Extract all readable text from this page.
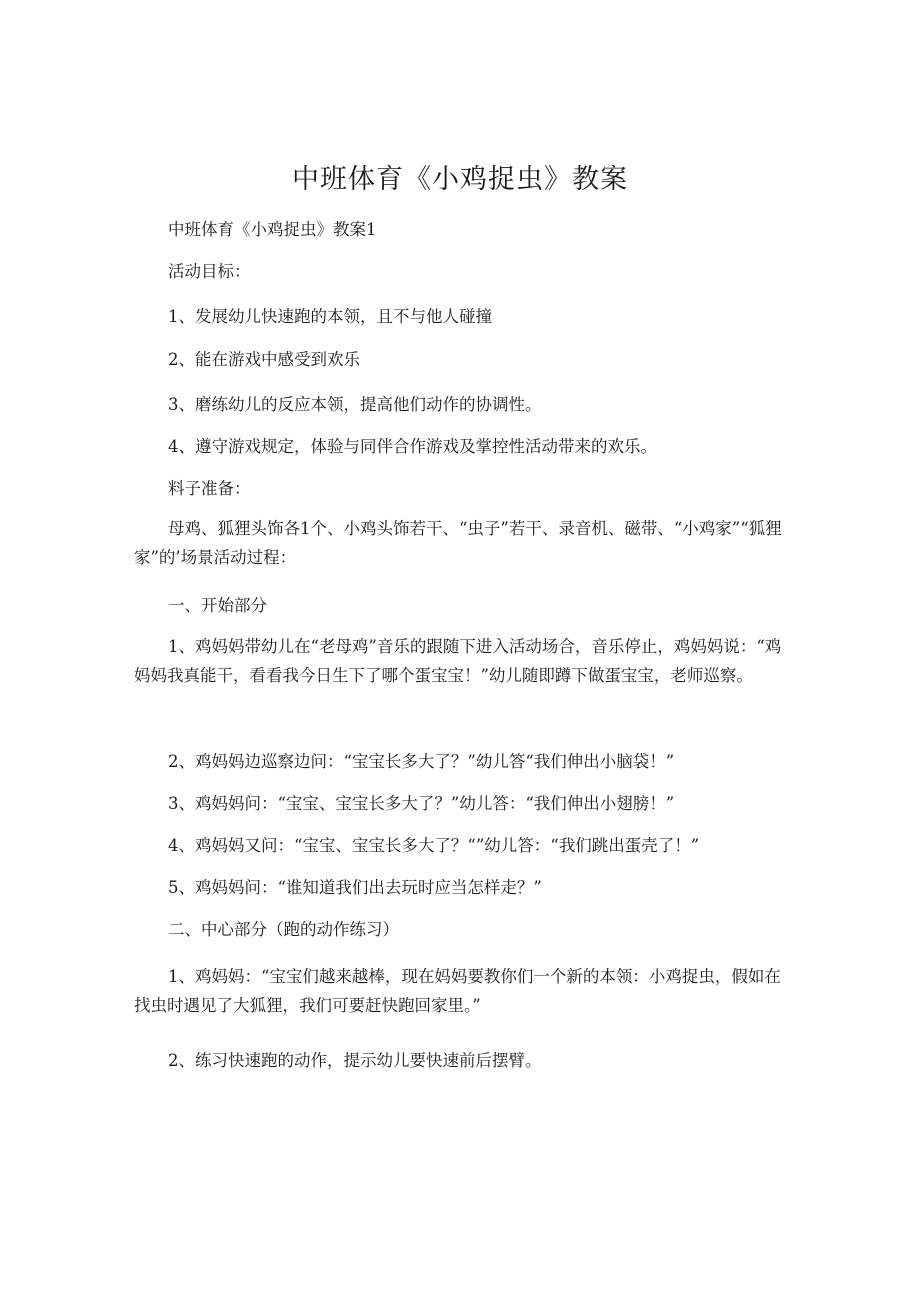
中班体育《小鸡捉虫》教案
中班体育《小鸡捉虫》教案1
活动目标：
1、发展幼儿快速跑的本领，且不与他人碰撞
2、能在游戏中感受到欢乐
3、磨练幼儿的反应本领，提高他们动作的协调性。
4、遵守游戏规定，体验与同伴合作游戏及掌控性活动带来的欢乐。
料子准备：
母鸡、狐狸头饰各1个、小鸡头饰若干、“虫子”若干、录音机、磁带、“小鸡家”“狐狸家”的’场景活动过程：
一、开始部分
1、鸡妈妈带幼儿在“老母鸡”音乐的跟随下进入活动场合，音乐停止，鸡妈妈说：“鸡妈妈我真能干，看看我今日生下了哪个蛋宝宝！”幼儿随即蹲下做蛋宝宝，老师巡察。
2、鸡妈妈边巡察边问：“宝宝长多大了？”幼儿答“我们伸出小脑袋！”
3、鸡妈妈问：“宝宝、宝宝长多大了？”幼儿答：“我们伸出小翅膀！”
4、鸡妈妈又问：“宝宝、宝宝长多大了？“”幼儿答：“我们跳出蛋壳了！”
5、鸡妈妈问：“谁知道我们出去玩时应当怎样走？”
二、中心部分（跑的动作练习）
1、鸡妈妈：“宝宝们越来越棒，现在妈妈要教你们一个新的本领：小鸡捉虫，假如在找虫时遇见了大狐狸，我们可要赶快跑回家里。”
2、练习快速跑的动作，提示幼儿要快速前后摆臂。
